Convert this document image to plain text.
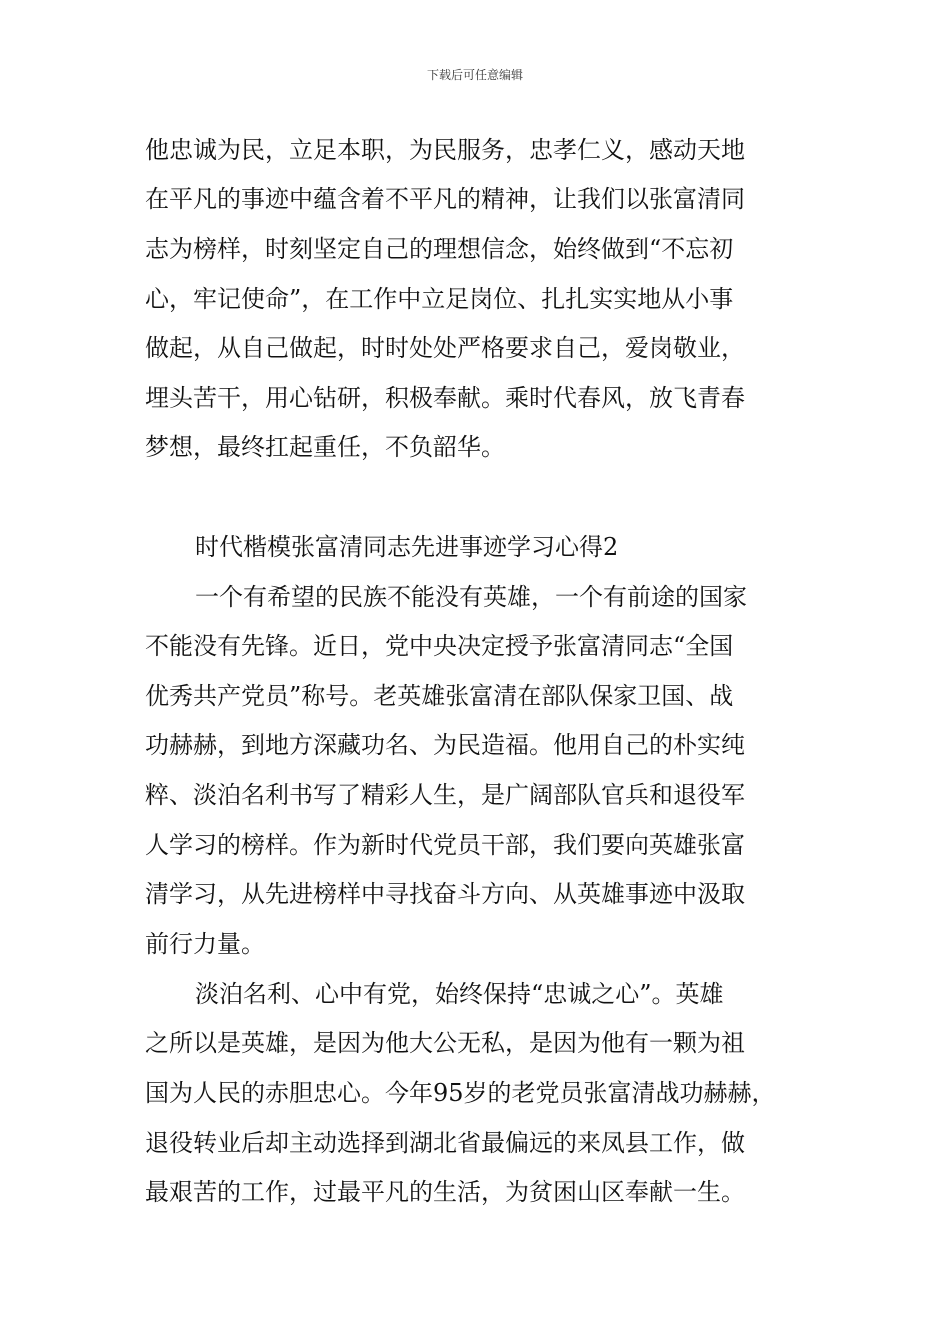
下载后可任意编辑
他忠诚为民，立足本职，为民服务，忠孝仁义，感动天地
在平凡的事迹中蕴含着不平凡的精神，让我们以张富清同
志为榜样，时刻坚定自己的理想信念，始终做到“不忘初
心，牢记使命”，在工作中立足岗位、扎扎实实地从小事
做起，从自己做起，时时处处严格要求自己，爱岗敬业，
埋头苦干，用心钻研，积极奉献。乘时代春风，放飞青春
梦想，最终扛起重任，不负韶华。
时代楷模张富清同志先进事迹学习心得2
一个有希望的民族不能没有英雄，一个有前途的国家
不能没有先锋。近日，党中央决定授予张富清同志“全国
优秀共产党员”称号。老英雄张富清在部队保家卫国、战
功赫赫，到地方深藏功名、为民造福。他用自己的朴实纯
粹、淡泊名利书写了精彩人生，是广阔部队官兵和退役军
人学习的榜样。作为新时代党员干部，我们要向英雄张富
清学习，从先进榜样中寻找奋斗方向、从英雄事迹中汲取
前行力量。
淡泊名利、心中有党，始终保持“忠诚之心”。英雄
之所以是英雄，是因为他大公无私，是因为他有一颗为祖
国为人民的赤胆忠心。今年95岁的老党员张富清战功赫赫，
退役转业后却主动选择到湖北省最偏远的来凤县工作，做
最艰苦的工作，过最平凡的生活，为贫困山区奉献一生。
